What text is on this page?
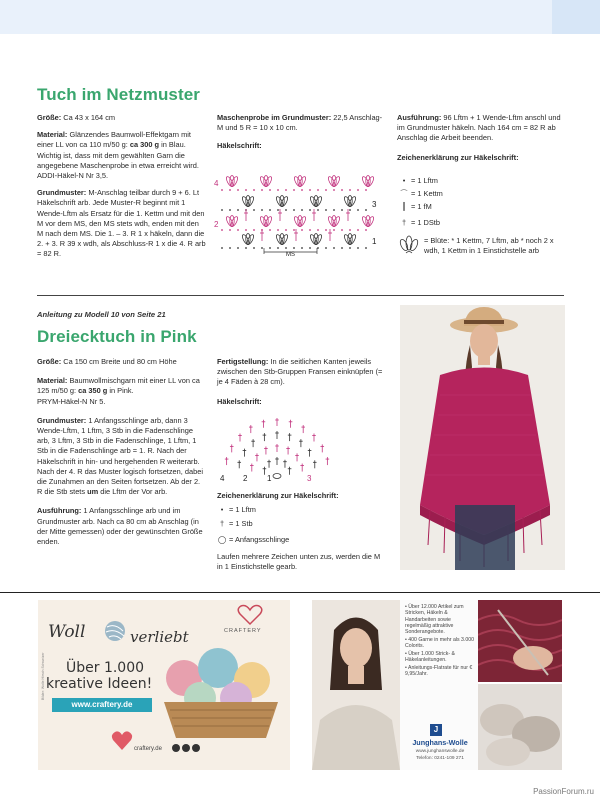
Tuch im Netzmuster
Größe: Ca 43 x 164 cm
Material: Glänzendes Baumwoll-Effektgarn mit einer LL von ca 110 m/50 g: ca 300 g in Blau. Wichtig ist, dass mit dem gewählten Garn die angegebene Maschenprobe in etwa erreicht wird.
ADDI-Häkel-N Nr 3,5.
Grundmuster: M-Anschlag teilbar durch 9 + 6. Lt Häkelschrift arb. Jede Muster-R beginnt mit 1 Wende-Lftm als Ersatz für die 1. Kettm und mit den M vor dem MS, den MS stets wdh, enden mit den M nach dem MS. Die 1. – 3. R 1 x häkeln, dann die 2. + 3. R 39 x wdh, als Abschluss-R 1 x die 4. R arb = 82 R.
Maschenprobe im Grundmuster: 22,5 Anschlag-M und 5 R = 10 x 10 cm.
Häkelschrift:
4
3
2
1
MS
Ausführung: 96 Lftm + 1 Wende-Lftm anschl und im Grundmuster häkeln. Nach 164 cm = 82 R ab Anschlag die Arbeit beenden.
Zeichenerklärung zur Häkelschrift:
• = 1 Lftm
⌒ = 1 Kettm
┃ = 1 fM
† = 1 DStb
= Blüte: * 1 Kettm, 7 Lftm, ab * noch 2 x wdh, 1 Kettm in 1 Einstichstelle arb
Anleitung zu Modell 10 von Seite 21
Dreiecktuch in Pink
Größe: Ca 150 cm Breite und 80 cm Höhe
Material: Baumwollmischgarn mit einer LL von ca 125 m/50 g: ca 350 g in Pink.
PRYM-Häkel-N Nr 5.
Grundmuster: 1 Anfangsschlinge arb, dann 3 Wende-Lftm, 1 Lftm, 3 Stb in die Fadenschlinge arb, 3 Lftm, 3 Stb in die Fadenschlinge, 1 Lftm, 1 Stb in die Fadenschlinge arb = 1. R. Nach der Häkelschrift in hin- und hergehenden R weiterarb. Nach der 4. R das Muster logisch fortsetzen, dabei die Zunahmen an den Seiten fortsetzen. Ab der 2. R die Stb stets um die Lftm der Vor arb.
Ausführung: 1 Anfangsschlinge arb und im Grundmuster arb. Nach ca 80 cm ab Anschlag (in der Mitte gemessen) oder der gewünschten Größe enden.
Fertigstellung: In die seitlichen Kanten jeweils zwischen den Stb-Gruppen Fransen einknüpfen (= je 4 Fäden à 28 cm).
Häkelschrift:
4 2 1	3
Zeichenerklärung zur Häkelschrift:
• = 1 Lftm
† = 1 Stb
◯ = Anfangsschlinge
Laufen mehrere Zeichen unten zus, werden die M in 1 Einstichstelle gearb.
Woll	verliebt	CRAFTERY
Über 1.000
kreative Ideen!
www.craftery.de
craftery.de
Bilder: Wolle Hirsch Schweizer
• Über 12.000 Artikel zum Stricken, Häkeln & Handarbeiten sowie regelmäßig attraktive Sonderangebote.
• 400 Garne in mehr als 3.000 Colorits.
• Über 1.000 Strick- & Häkelanleitungen.
• Anleitungs-Flatrate für nur € 9,95/Jahr.
J
Junghans-Wolle
www.junghanswolle.de
Telefon: 0241-109 271
PassionForum.ru
